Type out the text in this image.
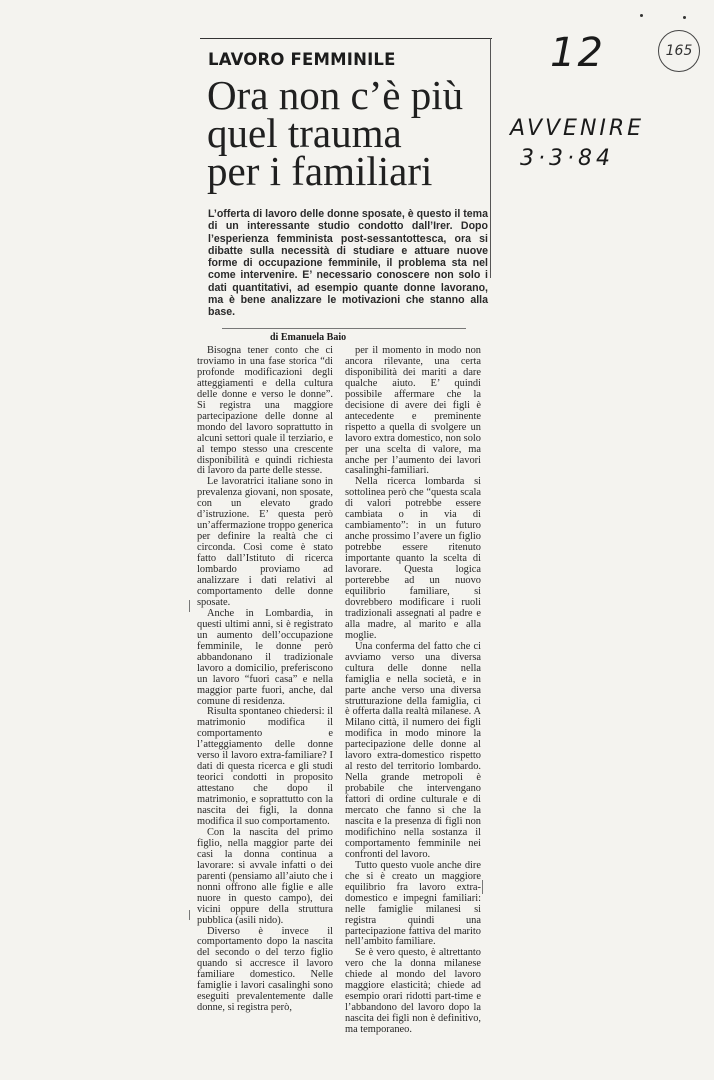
LAVORO FEMMINILE
Ora non c’è più
quel trauma
per i familiari
L’offerta di lavoro delle donne sposate, è questo il tema di un interessante studio condotto dall’Irer. Dopo l’esperienza femminista post-sessantottesca, ora si dibatte sulla necessità di studiare e attuare nuove forme di occupazione femminile, il problema sta nel come intervenire. E’ necessario conoscere non solo i dati quantitativi, ad esempio quante donne lavorano, ma è bene analizzare le motivazioni che stanno alla base.
di Emanuela Baio

Bisogna tener conto che ci troviamo in una fase storica “di profonde modificazioni degli atteggiamenti e della cultura delle donne e verso le donne”. Si registra una maggiore partecipazione delle donne al mondo del lavoro soprattutto in alcuni settori quale il terziario, e al tempo stesso una crescente disponibilità e quindi richiesta di lavoro da parte delle stesse.

Le lavoratrici italiane sono in prevalenza giovani, non sposate, con un elevato grado d’istruzione. E’ questa però un’affermazione troppo generica per definire la realtà che ci circonda. Così come è stato fatto dall’Istituto di ricerca lombardo proviamo ad analizzare i dati relativi al comportamento delle donne sposate.

Anche in Lombardia, in questi ultimi anni, si è registrato un aumento dell’occupazione femminile, le donne però abbandonano il tradizionale lavoro a domicilio, preferiscono un lavoro “fuori casa” e nella maggior parte fuori, anche, dal comune di residenza.

Risulta spontaneo chiedersi: il matrimonio modifica il comportamento e l’atteggiamento delle donne verso il lavoro extra-familiare? I dati di questa ricerca e gli studi teorici condotti in proposito attestano che dopo il matrimonio, e soprattutto con la nascita dei figli, la donna modifica il suo comportamento.

Con la nascita del primo figlio, nella maggior parte dei casi la donna continua a lavorare: si avvale infatti o dei parenti (pensiamo all’aiuto che i nonni offrono alle figlie e alle nuore in questo campo), dei vicini oppure della struttura pubblica (asili nido).

Diverso è invece il comportamento dopo la nascita del secondo o del terzo figlio quando si accresce il lavoro familiare domestico. Nelle famiglie i lavori casalinghi sono eseguiti prevalentemente dalle donne, si registra però,

per il momento in modo non ancora rilevante, una certa disponibilità dei mariti a dare qualche aiuto. E’ quindi possibile affermare che la decisione di avere dei figli è antecedente e preminente rispetto a quella di svolgere un lavoro extra domestico, non solo per una scelta di valore, ma anche per l’aumento dei lavori casalinghi-familiari.

Nella ricerca lombarda si sottolinea però che “questa scala di valori potrebbe essere cambiata o in via di cambiamento”: in un futuro anche prossimo l’avere un figlio potrebbe essere ritenuto importante quanto la scelta di lavorare. Questa logica porterebbe ad un nuovo equilibrio familiare, si dovrebbero modificare i ruoli tradizionali assegnati al padre e alla madre, al marito e alla moglie.

Una conferma del fatto che ci avviamo verso una diversa cultura delle donne nella famiglia e nella società, e in parte anche verso una diversa strutturazione della famiglia, ci è offerta dalla realtà milanese. A Milano città, il numero dei figli modifica in modo minore la partecipazione delle donne al lavoro extra-domestico rispetto al resto del territorio lombardo. Nella grande metropoli è probabile che intervengano fattori di ordine culturale e di mercato che fanno sì che la nascita e la presenza di figli non modifichino nella sostanza il comportamento femminile nei confronti del lavoro.

Tutto questo vuole anche dire che si è creato un maggiore equilibrio fra lavoro extra-domestico e impegni familiari: nelle famiglie milanesi si registra quindi una partecipazione fattiva del marito nell’ambito familiare.

Se è vero questo, è altrettanto vero che la donna milanese chiede al mondo del lavoro maggiore elasticità; chiede ad esempio orari ridotti part-time e l’abbandono del lavoro dopo la nascita dei figli non è definitivo, ma temporaneo.

12
AVVENIRE
3·3·84
165
